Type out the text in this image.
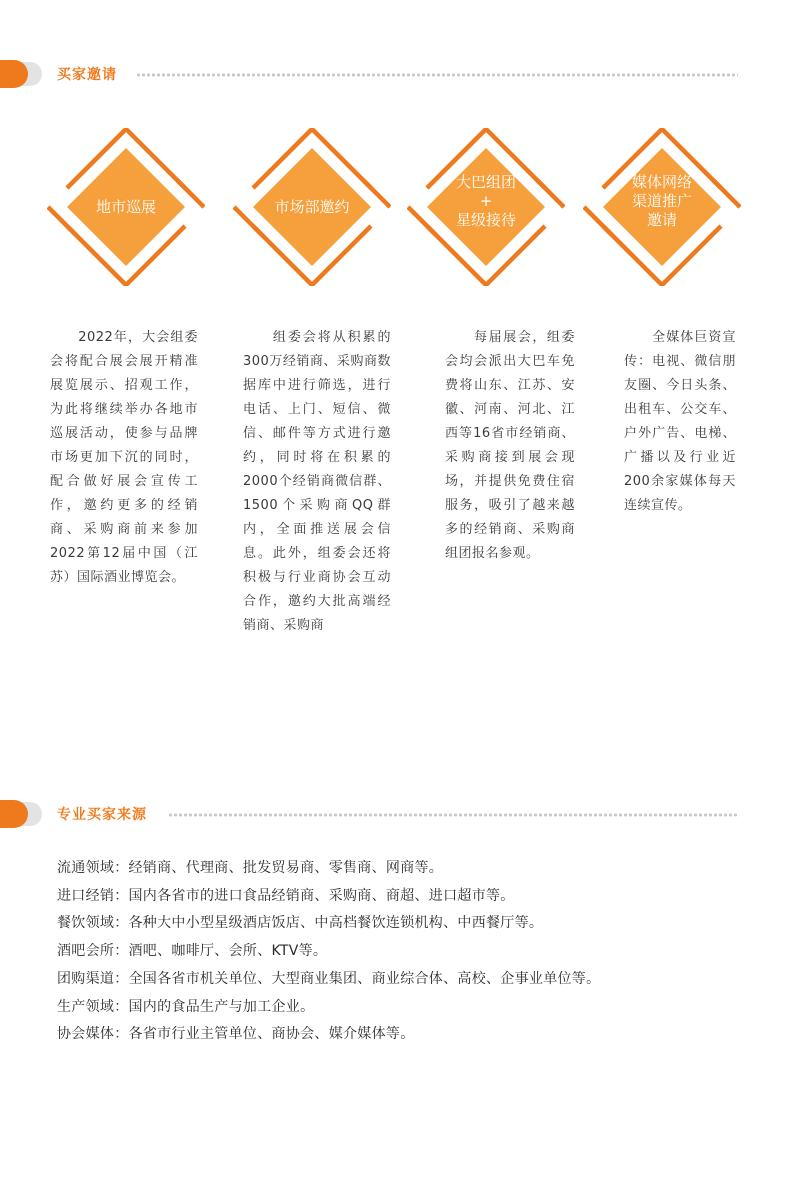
买家邀请
地市巡展	市场部邀约
大巴组团
+
星级接待
媒体网络
渠道推广
邀请
　　2022年，大会组委会将配合展会展开精准展览展示、招观工作，为此将继续举办各地市巡展活动，使参与品牌市场更加下沉的同时，配合做好展会宣传工作，邀约更多的经销商、采购商前来参加2022第12届中国（江苏）国际酒业博览会。
　　组委会将从积累的300万经销商、采购商数据库中进行筛选，进行电话、上门、短信、微信、邮件等方式进行邀约，同时将在积累的2000个经销商微信群、1500个采购商QQ群内，全面推送展会信息。此外，组委会还将积极与行业商协会互动合作，邀约大批高端经销商、采购商
　　每届展会，组委会均会派出大巴车免费将山东、江苏、安徽、河南、河北、江西等16省市经销商、采购商接到展会现场，并提供免费住宿服务，吸引了越来越多的经销商、采购商组团报名参观。
　　全媒体巨资宣传：电视、微信朋友圈、今日头条、出租车、公交车、户外广告、电梯、广播以及行业近200余家媒体每天连续宣传。
专业买家来源
流通领域：经销商、代理商、批发贸易商、零售商、网商等。
进口经销：国内各省市的进口食品经销商、采购商、商超、进口超市等。
餐饮领域：各种大中小型星级酒店饭店、中高档餐饮连锁机构、中西餐厅等。
酒吧会所：酒吧、咖啡厅、会所、KTV等。
团购渠道：全国各省市机关单位、大型商业集团、商业综合体、高校、企事业单位等。
生产领域：国内的食品生产与加工企业。
协会媒体：各省市行业主管单位、商协会、媒介媒体等。
